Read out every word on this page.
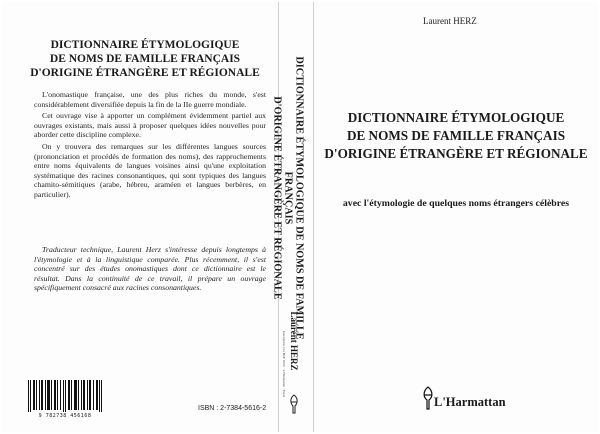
DICTIONNAIRE ÉTYMOLOGIQUE
DE NOMS DE FAMILLE FRANÇAIS
D'ORIGINE ÉTRANGÈRE ET RÉGIONALE

L'onomastique française, une des plus riches du monde, s'est considérablement diversifiée depuis la fin de la IIe guerre mondiale.

Cet ouvrage vise à apporter un complément évidemment partiel aux ouvrages existants, mais aussi à proposer quelques idées nouvelles pour aborder cette discipline complexe.

On y trouvera des remarques sur les différentes langues sources (prononciation et procédés de formation des noms), des rapprochements entre noms équivalents de langues voisines ainsi qu'une exploitation systématique des racines consonantiques, qui sont typiques des langues chamito-sémitiques (arabe, hébreu, araméen et langues berbères, en particulier).

Traducteur technique, Laurent Herz s'intéresse depuis longtemps à l'étymologie et à la linguistique comparée. Plus récemment, il s'est concentré sur des études onomastiques dont ce dictionnaire est le résultat. Dans la continuité de ce travail, il prépare un ouvrage spécifiquement consacré aux racines consonantiques.
9 782738 456168
ISBN : 2-7384-5616-2
DICTIONNAIRE ÉTYMOLOGIQUE DE NOMS DE FAMILLE FRANÇAIS
D'ORIGINE ÉTRANGÈRE ET RÉGIONALE
Laurent HERZ
Inscription à la BnF 2000 · L'Harmattan · Paris
Laurent HERZ
DICTIONNAIRE ÉTYMOLOGIQUE
DE NOMS DE FAMILLE FRANÇAIS
D'ORIGINE ÉTRANGÈRE ET RÉGIONALE
avec l'étymologie de quelques noms étrangers célèbres
L'Harmattan
